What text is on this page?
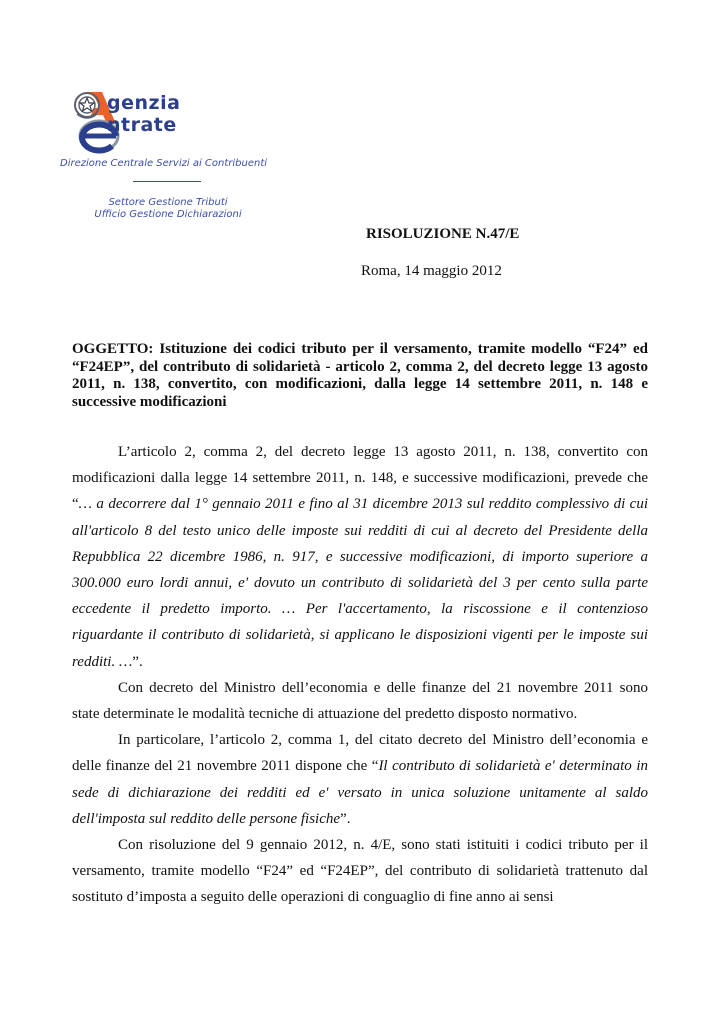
genzia
ntrate
Direzione Centrale Servizi ai Contribuenti
Settore Gestione Tributi
Ufficio Gestione Dichiarazioni
RISOLUZIONE N.47/E
Roma, 14 maggio 2012
OGGETTO: Istituzione dei codici tributo per il versamento, tramite modello “F24” ed “F24EP”, del contributo di solidarietà - articolo 2, comma 2, del decreto legge 13 agosto 2011, n. 138, convertito, con modificazioni, dalla legge 14 settembre 2011, n. 148 e successive modificazioni

L’articolo 2, comma 2, del decreto legge 13 agosto 2011, n. 138, convertito con modificazioni dalla legge 14 settembre 2011, n. 148, e successive modificazioni, prevede che “… a decorrere dal 1° gennaio 2011 e fino al 31 dicembre 2013 sul reddito complessivo di cui all'articolo 8 del testo unico delle imposte sui redditi di cui al decreto del Presidente della Repubblica 22 dicembre 1986, n. 917, e successive modificazioni, di importo superiore a 300.000 euro lordi annui, e' dovuto un contributo di solidarietà del 3 per cento sulla parte eccedente il predetto importo. … Per l'accertamento, la riscossione e il contenzioso riguardante il contributo di solidarietà, si applicano le disposizioni vigenti per le imposte sui redditi. …”.

Con decreto del Ministro dell’economia e delle finanze del 21 novembre 2011 sono state determinate le modalità tecniche di attuazione del predetto disposto normativo.

In particolare, l’articolo 2, comma 1, del citato decreto del Ministro dell’economia e delle finanze del 21 novembre 2011 dispone che “Il contributo di solidarietà e' determinato in sede di dichiarazione dei redditi ed e' versato in unica soluzione unitamente al saldo dell'imposta sul reddito delle persone fisiche”.

Con risoluzione del 9 gennaio 2012, n. 4/E, sono stati istituiti i codici tributo per il versamento, tramite modello “F24” ed “F24EP”, del contributo di solidarietà trattenuto dal sostituto d’imposta a seguito delle operazioni di conguaglio di fine anno ai sensi
